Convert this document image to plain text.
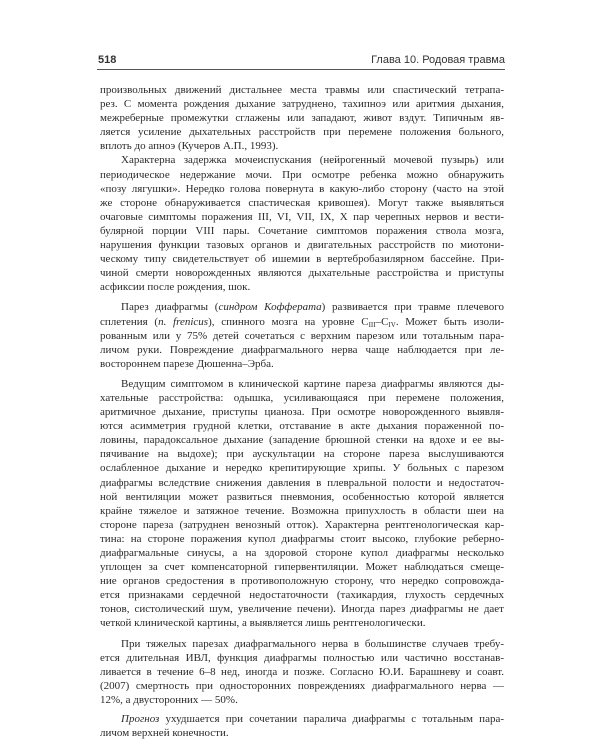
518	Глава 10. Родовая травма

произвольных движений дистальнее места травмы или спастический тетрапа-
рез. С момента рождения дыхание затруднено, тахипноэ или аритмия дыхания,
межреберные промежутки сглажены или западают, живот вздут. Типичным яв-
ляется усиление дыхательных расстройств при перемене положения больного,
вплоть до апноэ (Кучеров А.П., 1993).

Характерна задержка мочеиспускания (нейрогенный мочевой пузырь) или
периодическое недержание мочи. При осмотре ребенка можно обнаружить
«позу лягушки». Нередко голова повернута в какую-либо сторону (часто на этой
же стороне обнаруживается спастическая кривошея). Могут также выявляться
очаговые симптомы поражения III, VI, VII, IX, X пар черепных нервов и вести-
булярной порции VIII пары. Сочетание симптомов поражения ствола мозга,
нарушения функции тазовых органов и двигательных расстройств по миотони-
ческому типу свидетельствует об ишемии в вертебробазилярном бассейне. При-
чиной смерти новорожденных являются дыхательные расстройства и приступы
асфиксии после рождения, шок.

Парез диафрагмы (синдром Кофферата) развивается при травме плечевого
сплетения (n. frenicus), спинного мозга на уровне $C_{III}-C_{IV}$. Может быть изоли-
рованным или у 75% детей сочетаться с верхним парезом или тотальным пара-
личом руки. Повреждение диафрагмального нерва чаще наблюдается при ле-
востороннем парезе Дюшенна–Эрба.

Ведущим симптомом в клинической картине пареза диафрагмы являются ды-
хательные расстройства: одышка, усиливающаяся при перемене положения,
аритмичное дыхание, приступы цианоза. При осмотре новорожденного выявля-
ются асимметрия грудной клетки, отставание в акте дыхания пораженной по-
ловины, парадоксальное дыхание (западение брюшной стенки на вдохе и ее вы-
пячивание на выдохе); при аускультации на стороне пареза выслушиваются
ослабленное дыхание и нередко крепитирующие хрипы. У больных с парезом
диафрагмы вследствие снижения давления в плевральной полости и недостаточ-
ной вентиляции может развиться пневмония, особенностью которой является
крайне тяжелое и затяжное течение. Возможна припухлость в области шеи на
стороне пареза (затруднен венозный отток). Характерна рентгенологическая кар-
тина: на стороне поражения купол диафрагмы стоит высоко, глубокие реберно-
диафрагмальные синусы, а на здоровой стороне купол диафрагмы несколько
уплощен за счет компенсаторной гипервентиляции. Может наблюдаться смеще-
ние органов средостения в противоположную сторону, что нередко сопровожда-
ется признаками сердечной недостаточности (тахикардия, глухость сердечных
тонов, систолический шум, увеличение печени). Иногда парез диафрагмы не дает
четкой клинической картины, а выявляется лишь рентгенологически.

При тяжелых парезах диафрагмального нерва в большинстве случаев требу-
ется длительная ИВЛ, функция диафрагмы полностью или частично восстанав-
ливается в течение 6–8 нед, иногда и позже. Согласно Ю.И. Барашневу и соавт.
(2007) смертность при односторонних повреждениях диафрагмального нерва —
12%, а двусторонних — 50%.

Прогноз ухудшается при сочетании паралича диафрагмы с тотальным пара-
личом верхней конечности.
